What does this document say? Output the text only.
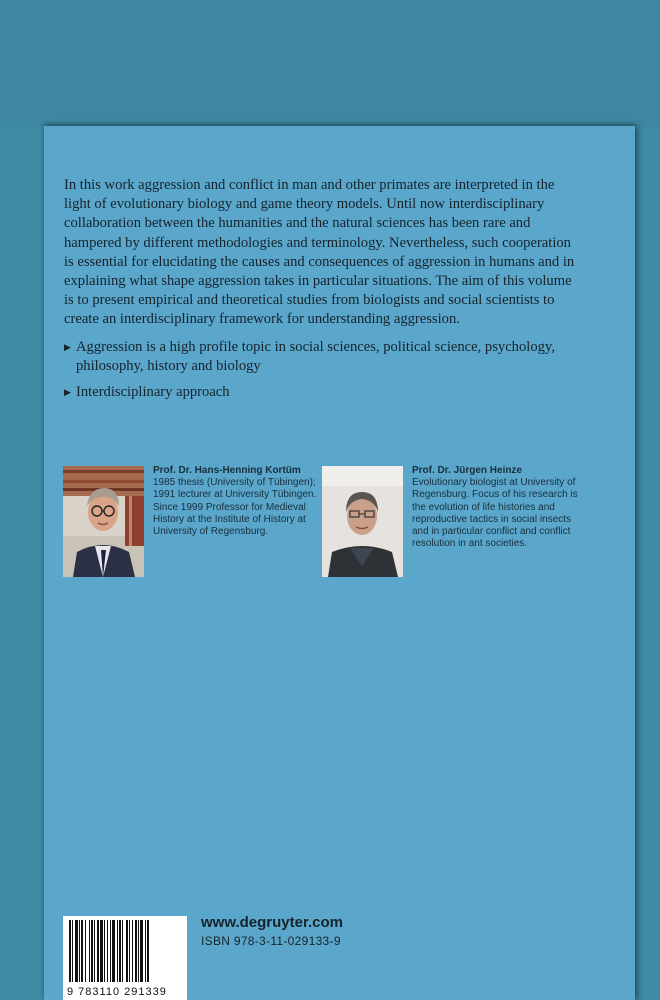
In this work aggression and conflict in man and other primates are interpreted in the light of evolutionary biology and game theory models. Until now interdisciplinary collaboration between the humanities and the natural sciences has been rare and hampered by different methodologies and terminology. Nevertheless, such cooperation is essential for elucidating the causes and consequences of aggression in humans and in explaining what shape aggression takes in particular situations. The aim of this volume is to present empirical and theoretical studies from biologists and social scientists to create an interdisciplinary framework for understanding aggression.

▶ Aggression is a high profile topic in social sciences, political science, psychology, philosophy, history and biology
▶ Interdisciplinary approach
Prof. Dr. Hans-Henning Kortüm
1985 thesis (University of Tübingen); 1991 lecturer at University Tübingen. Since 1999 Professor for Medieval History at the Institute of History at University of Regensburg.
Prof. Dr. Jürgen Heinze
Evolutionary biologist at University of Regensburg. Focus of his research is the evolution of life histories and reproductive tactics in social insects and in particular conflict and conflict resolution in ant societies.
9 783110 291339
www.degruyter.com
ISBN 978-3-11-029133-9
